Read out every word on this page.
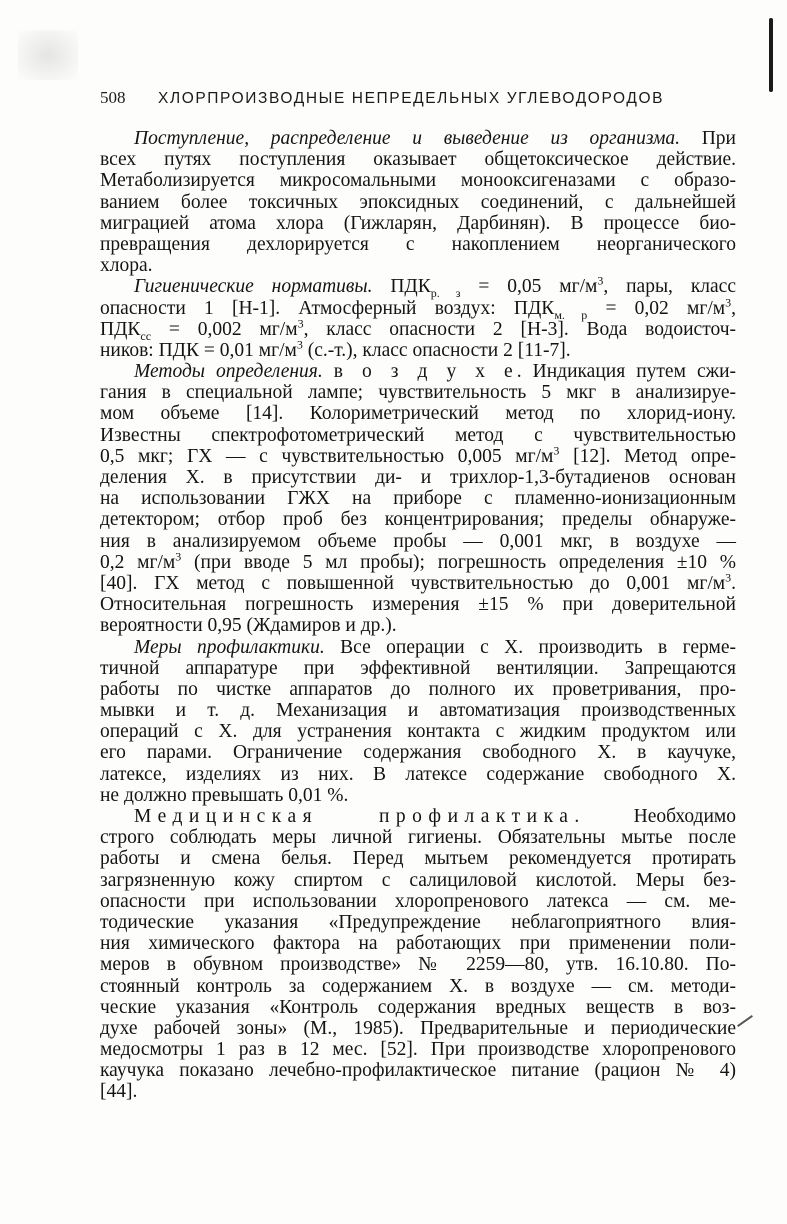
508 ХЛОРПРОИЗВОДНЫЕ НЕПРЕДЕЛЬНЫХ УГЛЕВОДОРОДОВ
Поступление, распределение и выведение из организма. При
всех путях поступления оказывает общетоксическое действие.
Метаболизируется микросомальными монооксигеназами с образо-
ванием более токсичных эпоксидных соединений, с дальнейшей
миграцией атома хлора (Гижларян, Дарбинян). В процессе био-
превращения дехлорируется с накоплением неорганического
хлора.
Гигиенические нормативы. $ПДК_{р. з} = 0,05$ $мг/м^3$, пары, класс
опасности 1 [Н-1]. Атмосферный воздух: $ПДК_{м. р} = 0,02$ $мг/м^3$,
$ПДК_{сс} = 0,002$ $мг/м^3$, класс опасности 2 [Н-3]. Вода водоисточ-
ников: ПДК = 0,01 $мг/м^3$ (с.-т.), класс опасности 2 [11-7].
Методы определения. в о з д у х е. Индикация путем сжи-
гания в специальной лампе; чувствительность 5 мкг в анализируе-
мом объеме [14]. Колориметрический метод по хлорид-иону.
Известны спектрофотометрический метод с чувствительностью
0,5 мкг; ГХ — с чувствительностью 0,005 $мг/м^3$ [12]. Метод опре-
деления Х. в присутствии ди- и трихлор-1,3-бутадиенов основан
на использовании ГЖХ на приборе с пламенно-ионизационным
детектором; отбор проб без концентрирования; пределы обнаруже-
ния в анализируемом объеме пробы — 0,001 мкг, в воздухе —
0,2 $мг/м^3$ (при вводе 5 мл пробы); погрешность определения ±10 %
[40]. ГХ метод с повышенной чувствительностью до 0,001 $мг/м^3$.
Относительная погрешность измерения ±15 % при доверительной
вероятности 0,95 (Ждамиров и др.).
Меры профилактики. Все операции с Х. производить в герме-
тичной аппаратуре при эффективной вентиляции. Запрещаются
работы по чистке аппаратов до полного их проветривания, про-
мывки и т. д. Механизация и автоматизация производственных
операций с Х. для устранения контакта с жидким продуктом или
его парами. Ограничение содержания свободного Х. в каучуке,
латексе, изделиях из них. В латексе содержание свободного Х.
не должно превышать 0,01 %.
Медицинская профилактика. Необходимо
строго соблюдать меры личной гигиены. Обязательны мытье после
работы и смена белья. Перед мытьем рекомендуется протирать
загрязненную кожу спиртом с салициловой кислотой. Меры без-
опасности при использовании хлоропренового латекса — см. ме-
тодические указания «Предупреждение неблагоприятного влия-
ния химического фактора на работающих при применении поли-
меров в обувном производстве» № 2259—80, утв. 16.10.80. По-
стоянный контроль за содержанием Х. в воздухе — см. методи-
ческие указания «Контроль содержания вредных веществ в воз-
духе рабочей зоны» (М., 1985). Предварительные и периодические
медосмотры 1 раз в 12 мес. [52]. При производстве хлоропренового
каучука показано лечебно-профилактическое питание (рацион № 4)
[44].
